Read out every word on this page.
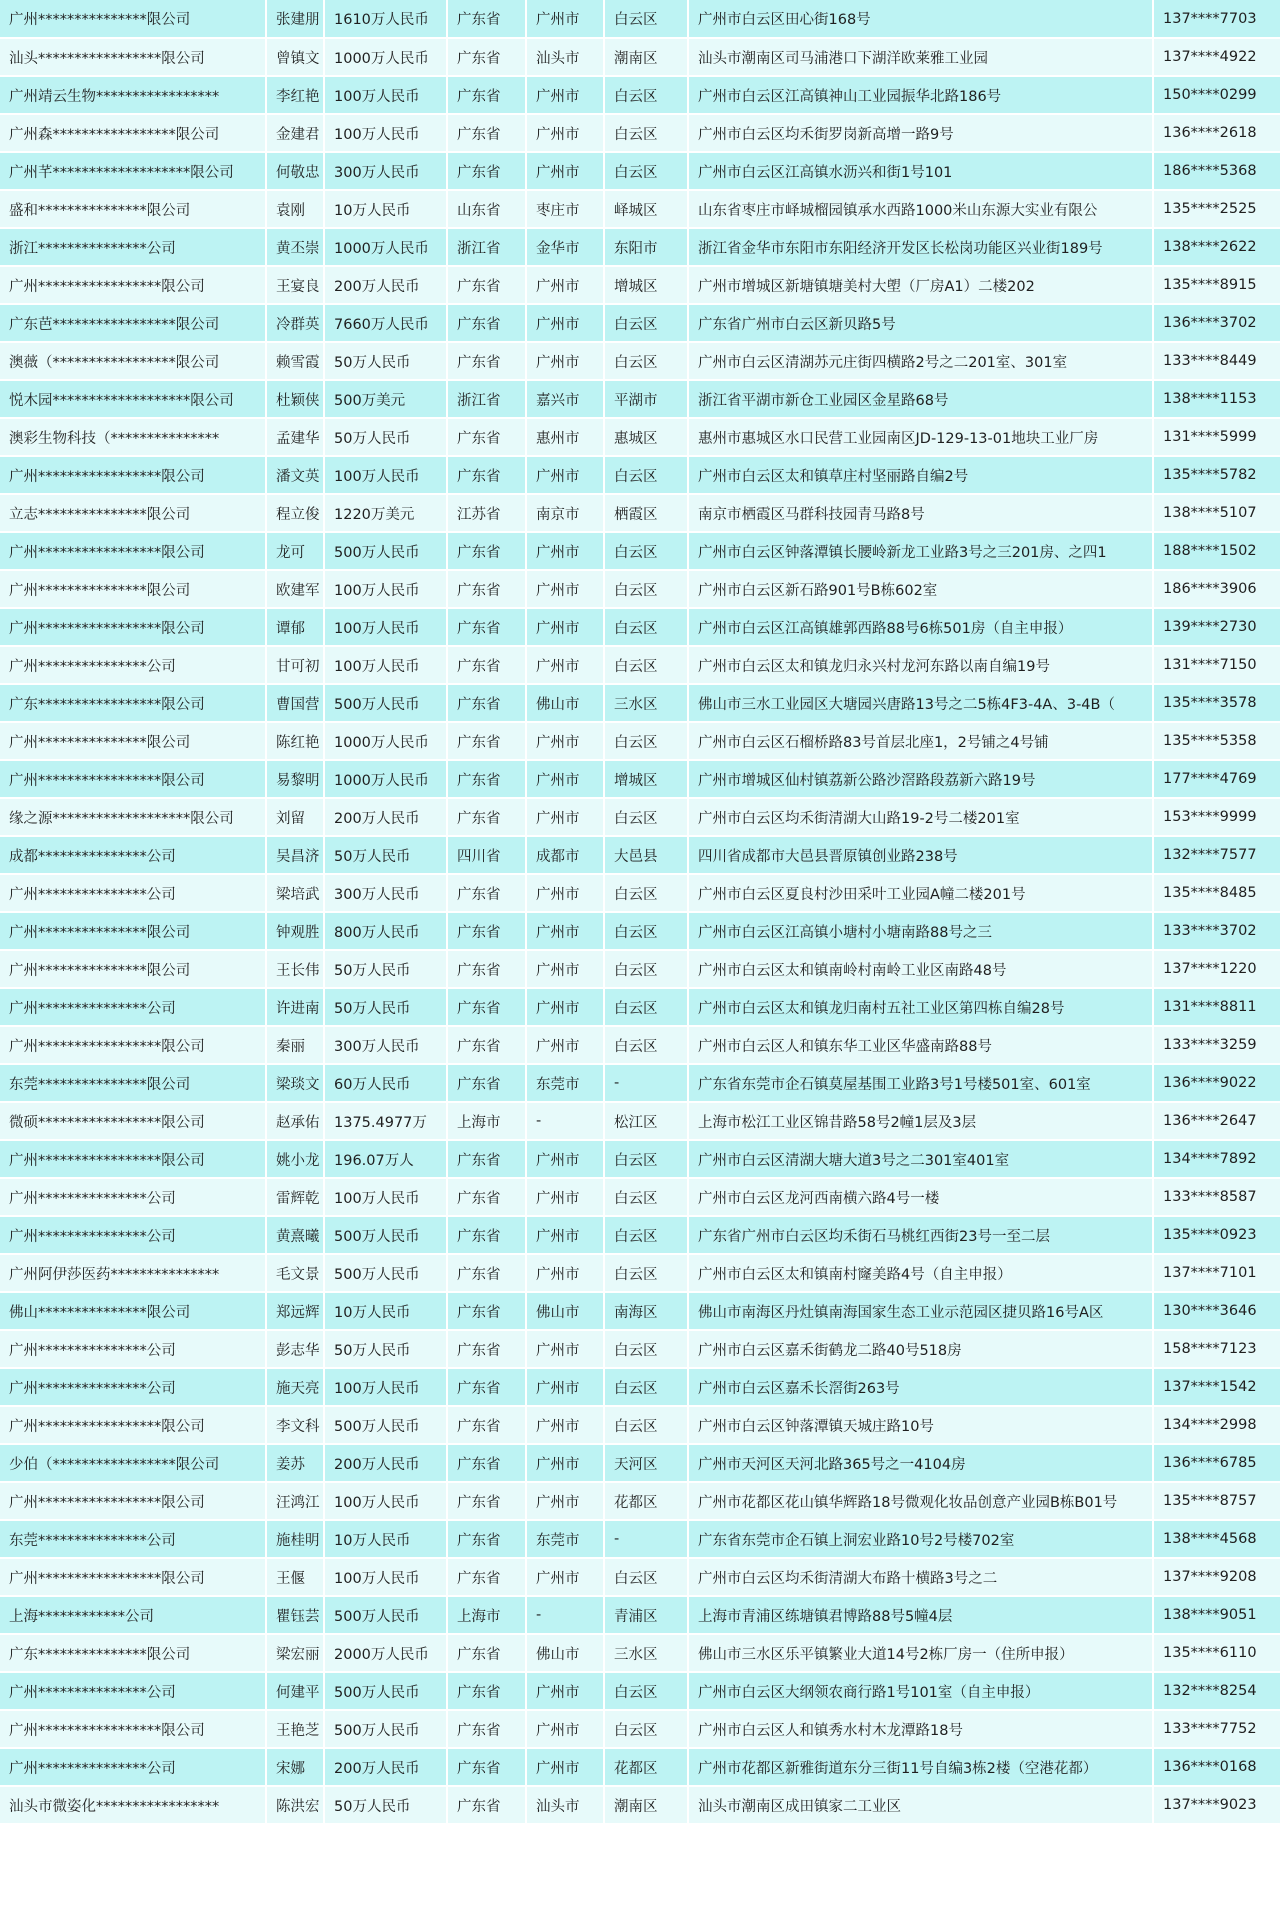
广州***************限公司	张建朋	1610万人民币	广东省	广州市	白云区	广州市白云区田心街168号	137****7703
汕头*****************限公司	曾镇文	1000万人民币	广东省	汕头市	潮南区	汕头市潮南区司马浦港口下湖洋欧莱雅工业园	137****4922
广州靖云生物*****************	李红艳	100万人民币	广东省	广州市	白云区	广州市白云区江高镇神山工业园振华北路186号	150****0299
广州森*****************限公司	金建君	100万人民币	广东省	广州市	白云区	广州市白云区均禾街罗岗新高增一路9号	136****2618
广州芊*******************限公司	何敬忠	300万人民币	广东省	广州市	白云区	广州市白云区江高镇水沥兴和街1号101	186****5368
盛和***************限公司	袁刚	10万人民币	山东省	枣庄市	峄城区	山东省枣庄市峄城榴园镇承水西路1000米山东源大实业有限公	135****2525
浙江***************公司	黄丕崇	1000万人民币	浙江省	金华市	东阳市	浙江省金华市东阳市东阳经济开发区长松岗功能区兴业街189号	138****2622
广州*****************限公司	王宴良	200万人民币	广东省	广州市	增城区	广州市增城区新塘镇塘美村大塱（厂房A1）二楼202	135****8915
广东芭*****************限公司	冷群英	7660万人民币	广东省	广州市	白云区	广东省广州市白云区新贝路5号	136****3702
澳薇（*****************限公司	赖雪霞	50万人民币	广东省	广州市	白云区	广州市白云区清湖苏元庄街四横路2号之二201室、301室	133****8449
悦木园*******************限公司	杜颖侠	500万美元	浙江省	嘉兴市	平湖市	浙江省平湖市新仓工业园区金星路68号	138****1153
澳彩生物科技（***************	孟建华	50万人民币	广东省	惠州市	惠城区	惠州市惠城区水口民营工业园南区JD-129-13-01地块工业厂房	131****5999
广州*****************限公司	潘文英	100万人民币	广东省	广州市	白云区	广州市白云区太和镇草庄村坚丽路自编2号	135****5782
立志***************限公司	程立俊	1220万美元	江苏省	南京市	栖霞区	南京市栖霞区马群科技园青马路8号	138****5107
广州*****************限公司	龙可	500万人民币	广东省	广州市	白云区	广州市白云区钟落潭镇长腰岭新龙工业路3号之三201房、之四1	188****1502
广州***************限公司	欧建军	100万人民币	广东省	广州市	白云区	广州市白云区新石路901号B栋602室	186****3906
广州*****************限公司	谭郁	100万人民币	广东省	广州市	白云区	广州市白云区江高镇雄郭西路88号6栋501房（自主申报）	139****2730
广州***************公司	甘可初	100万人民币	广东省	广州市	白云区	广州市白云区太和镇龙归永兴村龙河东路以南自编19号	131****7150
广东*****************限公司	曹国营	500万人民币	广东省	佛山市	三水区	佛山市三水工业园区大塘园兴唐路13号之二5栋4F3-4A、3-4B（	135****3578
广州***************限公司	陈红艳	1000万人民币	广东省	广州市	白云区	广州市白云区石榴桥路83号首层北座1，2号铺之4号铺	135****5358
广州*****************限公司	易黎明	1000万人民币	广东省	广州市	增城区	广州市增城区仙村镇荔新公路沙滘路段荔新六路19号	177****4769
缘之源*******************限公司	刘留	200万人民币	广东省	广州市	白云区	广州市白云区均禾街清湖大山路19-2号二楼201室	153****9999
成都***************公司	吴昌济	50万人民币	四川省	成都市	大邑县	四川省成都市大邑县晋原镇创业路238号	132****7577
广州***************公司	梁培武	300万人民币	广东省	广州市	白云区	广州市白云区夏良村沙田采叶工业园A幢二楼201号	135****8485
广州***************限公司	钟观胜	800万人民币	广东省	广州市	白云区	广州市白云区江高镇小塘村小塘南路88号之三	133****3702
广州***************限公司	王长伟	50万人民币	广东省	广州市	白云区	广州市白云区太和镇南岭村南岭工业区南路48号	137****1220
广州***************公司	许进南	50万人民币	广东省	广州市	白云区	广州市白云区太和镇龙归南村五社工业区第四栋自编28号	131****8811
广州*****************限公司	秦丽	300万人民币	广东省	广州市	白云区	广州市白云区人和镇东华工业区华盛南路88号	133****3259
东莞***************限公司	梁琰文	60万人民币	广东省	东莞市	-	广东省东莞市企石镇莫屋基围工业路3号1号楼501室、601室	136****9022
微硕*****************限公司	赵承佑	1375.4977万	上海市	-	松江区	上海市松江工业区锦昔路58号2幢1层及3层	136****2647
广州*****************限公司	姚小龙	196.07万人	广东省	广州市	白云区	广州市白云区清湖大塘大道3号之二301室401室	134****7892
广州***************公司	雷辉乾	100万人民币	广东省	广州市	白云区	广州市白云区龙河西南横六路4号一楼	133****8587
广州***************公司	黄熹曦	500万人民币	广东省	广州市	白云区	广东省广州市白云区均禾街石马桃红西街23号一至二层	135****0923
广州阿伊莎医药***************	毛文景	500万人民币	广东省	广州市	白云区	广州市白云区太和镇南村窿美路4号（自主申报）	137****7101
佛山***************限公司	郑远辉	10万人民币	广东省	佛山市	南海区	佛山市南海区丹灶镇南海国家生态工业示范园区捷贝路16号A区	130****3646
广州***************公司	彭志华	50万人民币	广东省	广州市	白云区	广州市白云区嘉禾街鹤龙二路40号518房	158****7123
广州***************公司	施天亮	100万人民币	广东省	广州市	白云区	广州市白云区嘉禾长滘街263号	137****1542
广州*****************限公司	李文科	500万人民币	广东省	广州市	白云区	广州市白云区钟落潭镇天城庄路10号	134****2998
少伯（*****************限公司	姜苏	200万人民币	广东省	广州市	天河区	广州市天河区天河北路365号之一4104房	136****6785
广州*****************限公司	汪鸿江	100万人民币	广东省	广州市	花都区	广州市花都区花山镇华辉路18号微观化妆品创意产业园B栋B01号	135****8757
东莞***************公司	施桂明	10万人民币	广东省	东莞市	-	广东省东莞市企石镇上洞宏业路10号2号楼702室	138****4568
广州*****************限公司	王偃	100万人民币	广东省	广州市	白云区	广州市白云区均禾街清湖大布路十横路3号之二	137****9208
上海************公司	瞿钰芸	500万人民币	上海市	-	青浦区	上海市青浦区练塘镇君博路88号5幢4层	138****9051
广东***************限公司	梁宏丽	2000万人民币	广东省	佛山市	三水区	佛山市三水区乐平镇繁业大道14号2栋厂房一（住所申报）	135****6110
广州***************公司	何建平	500万人民币	广东省	广州市	白云区	广州市白云区大纲领农商行路1号101室（自主申报）	132****8254
广州*****************限公司	王艳芝	500万人民币	广东省	广州市	白云区	广州市白云区人和镇秀水村木龙潭路18号	133****7752
广州***************公司	宋娜	200万人民币	广东省	广州市	花都区	广州市花都区新雅街道东分三街11号自编3栋2楼（空港花都）	136****0168
汕头市微姿化*****************	陈洪宏	50万人民币	广东省	汕头市	潮南区	汕头市潮南区成田镇家二工业区	137****9023
